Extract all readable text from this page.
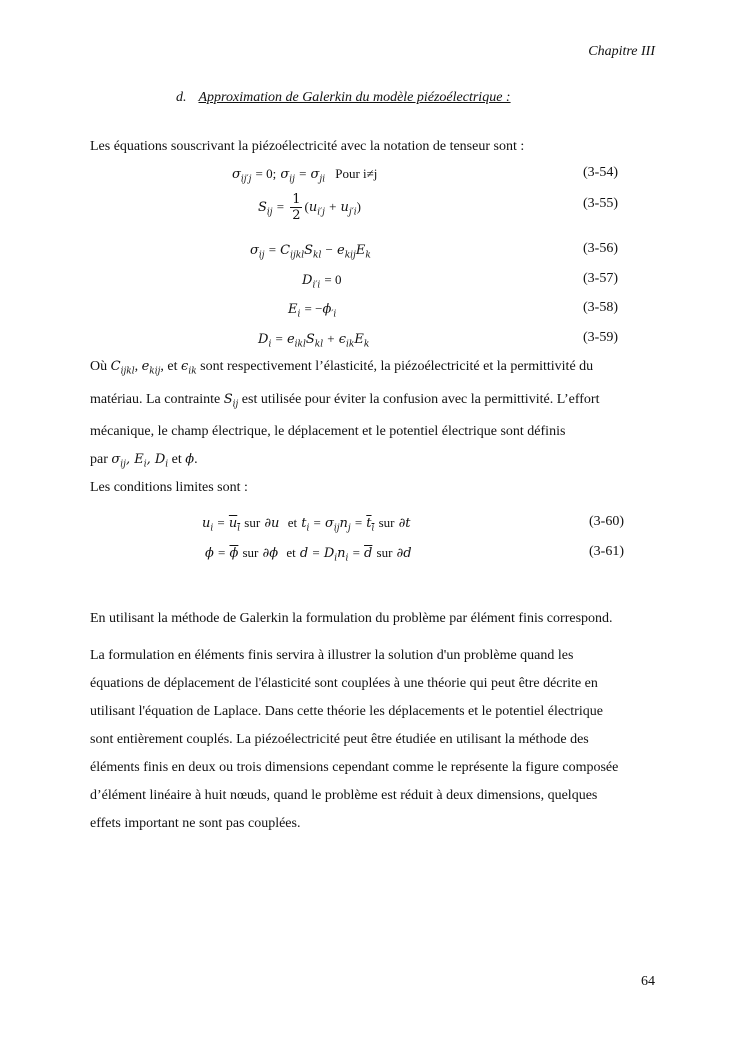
Chapitre III
d. Approximation de Galerkin du modèle piézoélectrique :
Les équations souscrivant la piézoélectricité avec la notation de tenseur sont :
$\sigma_{ij'j} = 0$; $\sigma_{ij} = \sigma_{ji}$ Pour i≠j	(3-54)
$S_{ij} = \frac{1}{2} (u_{i'j} + u_{j'i})$	(3-55)
$\sigma_{ij} = C_{ijkl}S_{kl} - e_{kij}E_k$	(3-56)
$D_{i'i} = 0$	(3-57)
$E_i = -\phi_{'i}$	(3-58)
$D_i = e_{ikl}S_{kl} + \epsilon_{ik}E_k$	(3-59)
Où $C_{ijkl}$, $e_{kij}$, et $\epsilon_{ik}$ sont respectivement l’élasticité, la piézoélectricité et la permittivité du
matériau. La contrainte $S_{ij}$ est utilisée pour éviter la confusion avec la permittivité. L’effort
mécanique, le champ électrique, le déplacement et le potentiel électrique sont définis
par $\sigma_{ij}$, $E_i$, $D_i$ et ϕ.
Les conditions limites sont :
$u_i = u_i$ sur ∂u  et $t_i = \sigma_{ij}n_j = t_i$ sur ∂t	(3-60)
$\phi = \overline{\phi}$ sur ∂ϕ  et $d = D_in_i = \overline{d}$ sur ∂d	(3-61)
En utilisant la méthode de Galerkin la formulation du problème par élément finis correspond.
La formulation en éléments finis servira à illustrer la solution d'un problème quand les
équations de déplacement de l'élasticité sont couplées à une théorie qui peut être décrite en
utilisant l'équation de Laplace. Dans cette théorie les déplacements et le potentiel électrique
sont entièrement couplés. La piézoélectricité peut être étudiée en utilisant la méthode des
éléments finis en deux ou trois dimensions cependant comme le représente la figure composée
d’élément linéaire à huit nœuds, quand le problème est réduit à deux dimensions, quelques
effets important ne sont pas couplées.
64
